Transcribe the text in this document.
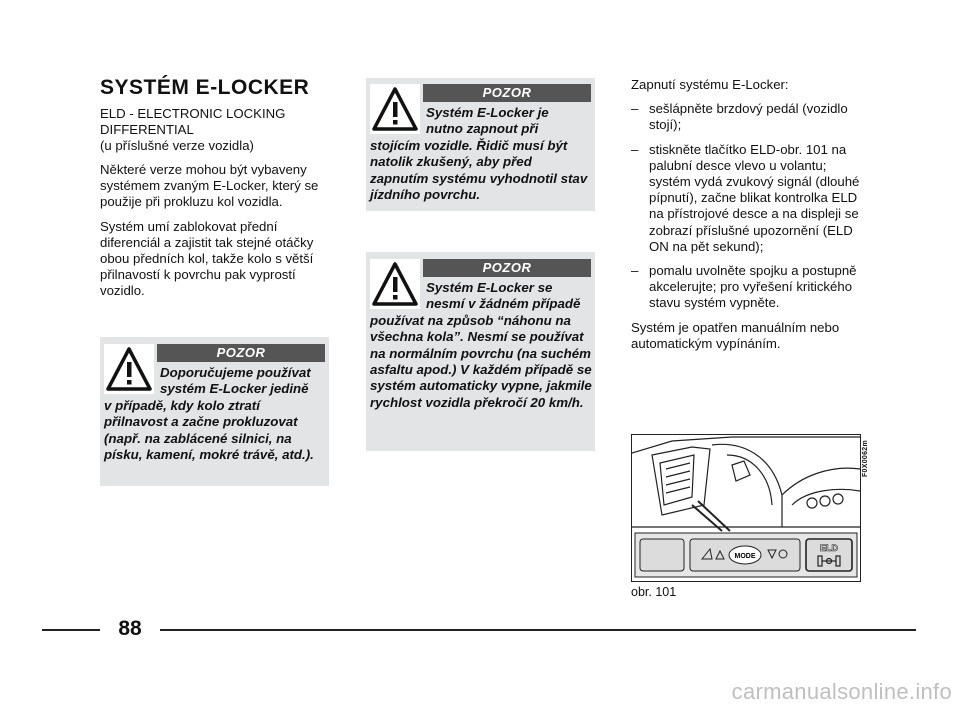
SYSTÉM E-LOCKER
ELD - ELECTRONIC LOCKING
DIFFERENTIAL
(u příslušné verze vozidla)

Některé verze mohou být vybaveny systémem zvaným E-Locker, který se použije při prokluzu kol vozidla.

Systém umí zablokovat přední diferenciál a zajistit tak stejné otáčky obou předních kol, takže kolo s větší přilnavostí k povrchu pak vyprostí vozidlo.

POZOR
Doporučujeme používat
systém E-Locker jedině
v případě, kdy kolo ztratí přilnavost a začne prokluzovat (např. na zablácené silnici, na písku, kamení, mokré trávě, atd.).
POZOR
Systém E-Locker je
nutno zapnout při
stojícím vozidle. Řidič musí být natolik zkušený, aby před zapnutím systému vyhodnotil stav jízdního povrchu.
POZOR
Systém E-Locker se
nesmí v žádném případě
používat na způsob “náhonu na všechna kola”. Nesmí se používat na normálním povrchu (na suchém asfaltu apod.) V každém případě se systém automaticky vypne, jakmile rychlost vozidla překročí 20 km/h.

Zapnutí systému E-Locker:

– sešlápněte brzdový pedál (vozidlo stojí);
– stiskněte tlačítko ELD-obr. 101 na palubní desce vlevo u volantu; systém vydá zvukový signál (dlouhé pípnutí), začne blikat kontrolka ELD na přístrojové desce a na displeji se zobrazí příslušné upozornění (ELD ON na pět sekund);
– pomalu uvolněte spojku a postupně akcelerujte; pro vyřešení kritického stavu systém vypněte.

Systém je opatřen manuálním nebo automatickým vypínáním.

MODE
ELD
F0X0062m
obr. 101
88
carmanualsonline.info
